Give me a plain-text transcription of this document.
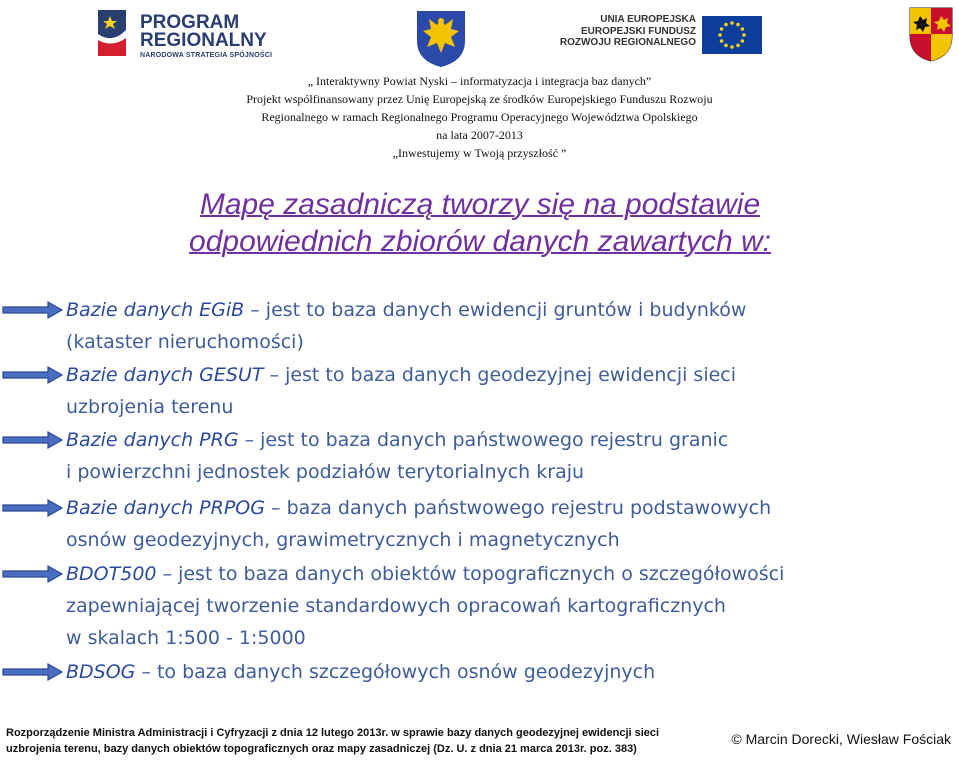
PROGRAM
REGIONALNY
NARODOWA STRATEGIA SPÓJNOŚCI
UNIA EUROPEJSKA
EUROPEJSKI FUNDUSZ
ROZWOJU REGIONALNEGO
„ Interaktywny Powiat Nyski – informatyzacja i integracja baz danych”
Projekt współfinansowany przez Unię Europejską ze środków Europejskiego Funduszu Rozwoju
Regionalnego w ramach Regionalnego Programu Operacyjnego Województwa Opolskiego
na lata 2007-2013
„Inwestujemy w Twoją przyszłość ”
Mapę zasadniczą tworzy się na podstawie
odpowiednich zbiorów danych zawartych w:
Bazie danych EGiB – jest to baza danych ewidencji gruntów i budynków
(kataster nieruchomości)
Bazie danych GESUT – jest to baza danych geodezyjnej ewidencji sieci
uzbrojenia terenu
Bazie danych PRG – jest to baza danych państwowego rejestru granic
i powierzchni jednostek podziałów terytorialnych kraju
Bazie danych PRPOG – baza danych państwowego rejestru podstawowych
osnów geodezyjnych, grawimetrycznych i magnetycznych
BDOT500 – jest to baza danych obiektów topograficznych o szczegółowości
zapewniającej tworzenie standardowych opracowań kartograficznych
w skalach 1:500 - 1:5000
BDSOG – to baza danych szczegółowych osnów geodezyjnych
Rozporządzenie Ministra Administracji i Cyfryzacji z dnia 12 lutego 2013r. w sprawie bazy danych geodezyjnej ewidencji sieci
uzbrojenia terenu, bazy danych obiektów topograficznych oraz mapy zasadniczej (Dz. U. z dnia 21 marca 2013r. poz. 383)
© Marcin Dorecki, Wiesław Fościak
